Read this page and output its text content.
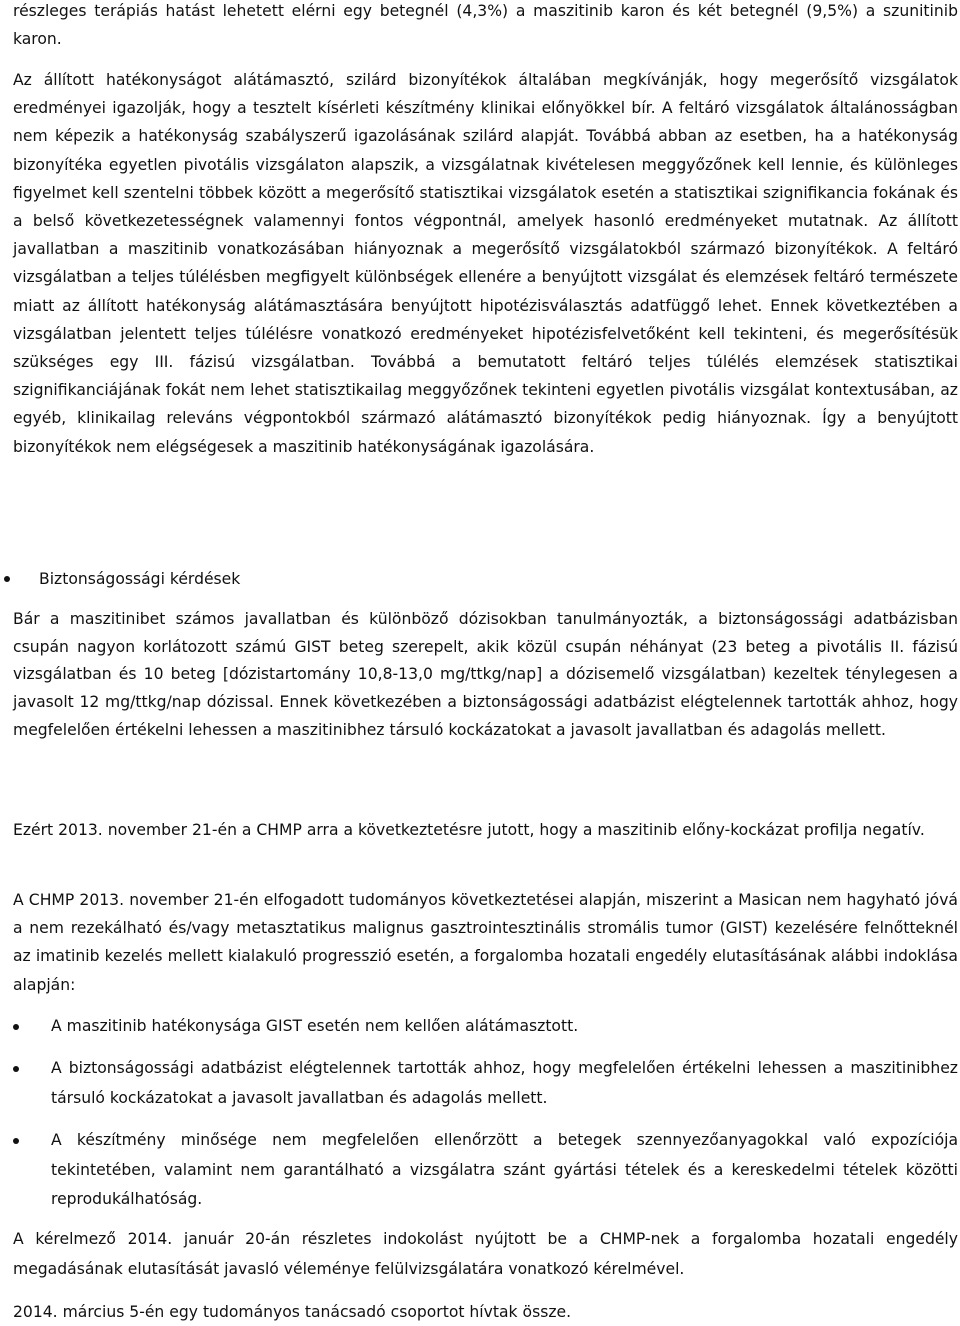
részleges terápiás hatást lehetett elérni egy betegnél (4,3%) a maszitinib karon és két betegnél (9,5%) a szunitinib karon.

Az állított hatékonyságot alátámasztó, szilárd bizonyítékok általában megkívánják, hogy megerősítő vizsgálatok eredményei igazolják, hogy a tesztelt kísérleti készítmény klinikai előnyökkel bír. A feltáró vizsgálatok általánosságban nem képezik a hatékonyság szabályszerű igazolásának szilárd alapját. Továbbá abban az esetben, ha a hatékonyság bizonyítéka egyetlen pivotális vizsgálaton alapszik, a vizsgálatnak kivételesen meggyőzőnek kell lennie, és különleges figyelmet kell szentelni többek között a megerősítő statisztikai vizsgálatok esetén a statisztikai szignifikancia fokának és a belső következetességnek valamennyi fontos végpontnál, amelyek hasonló eredményeket mutatnak. Az állított javallatban a maszitinib vonatkozásában hiányoznak a megerősítő vizsgálatokból származó bizonyítékok. A feltáró vizsgálatban a teljes túlélésben megfigyelt különbségek ellenére a benyújtott vizsgálat és elemzések feltáró természete miatt az állított hatékonyság alátámasztására benyújtott hipotézisválasztás adatfüggő lehet. Ennek következtében a vizsgálatban jelentett teljes túlélésre vonatkozó eredményeket hipotézisfelvetőként kell tekinteni, és megerősítésük szükséges egy III. fázisú vizsgálatban. Továbbá a bemutatott feltáró teljes túlélés elemzések statisztikai szignifikanciájának fokát nem lehet statisztikailag meggyőzőnek tekinteni egyetlen pivotális vizsgálat kontextusában, az egyéb, klinikailag releváns végpontokból származó alátámasztó bizonyítékok pedig hiányoznak. Így a benyújtott bizonyítékok nem elégségesek a maszitinib hatékonyságának igazolására.

Biztonságossági kérdések

Bár a maszitinibet számos javallatban és különböző dózisokban tanulmányozták, a biztonságossági adatbázisban csupán nagyon korlátozott számú GIST beteg szerepelt, akik közül csupán néhányat (23 beteg a pivotális II. fázisú vizsgálatban és 10 beteg [dózistartomány 10,8-13,0 mg/ttkg/nap] a dózisemelő vizsgálatban) kezeltek ténylegesen a javasolt 12 mg/ttkg/nap dózissal. Ennek következében a biztonságossági adatbázist elégtelennek tartották ahhoz, hogy megfelelően értékelni lehessen a maszitinibhez társuló kockázatokat a javasolt javallatban és adagolás mellett.

Ezért 2013. november 21-én a CHMP arra a következtetésre jutott, hogy a maszitinib előny-kockázat profilja negatív.

A CHMP 2013. november 21-én elfogadott tudományos következtetései alapján, miszerint a Masican nem hagyható jóvá a nem rezekálható és/vagy metasztatikus malignus gasztrointesztinális stromális tumor (GIST) kezelésére felnőtteknél az imatinib kezelés mellett kialakuló progresszió esetén, a forgalomba hozatali engedély elutasításának alábbi indoklása alapján:

A maszitinib hatékonysága GIST esetén nem kellően alátámasztott.

A biztonságossági adatbázist elégtelennek tartották ahhoz, hogy megfelelően értékelni lehessen a maszitinibhez társuló kockázatokat a javasolt javallatban és adagolás mellett.

A készítmény minősége nem megfelelően ellenőrzött a betegek szennyezőanyagokkal való expozíciója tekintetében, valamint nem garantálható a vizsgálatra szánt gyártási tételek és a kereskedelmi tételek közötti reprodukálhatóság.

A kérelmező 2014. január 20-án részletes indokolást nyújtott be a CHMP-nek a forgalomba hozatali engedély megadásának elutasítását javasló véleménye felülvizsgálatára vonatkozó kérelmével.

2014. március 5-én egy tudományos tanácsadó csoportot hívtak össze.
